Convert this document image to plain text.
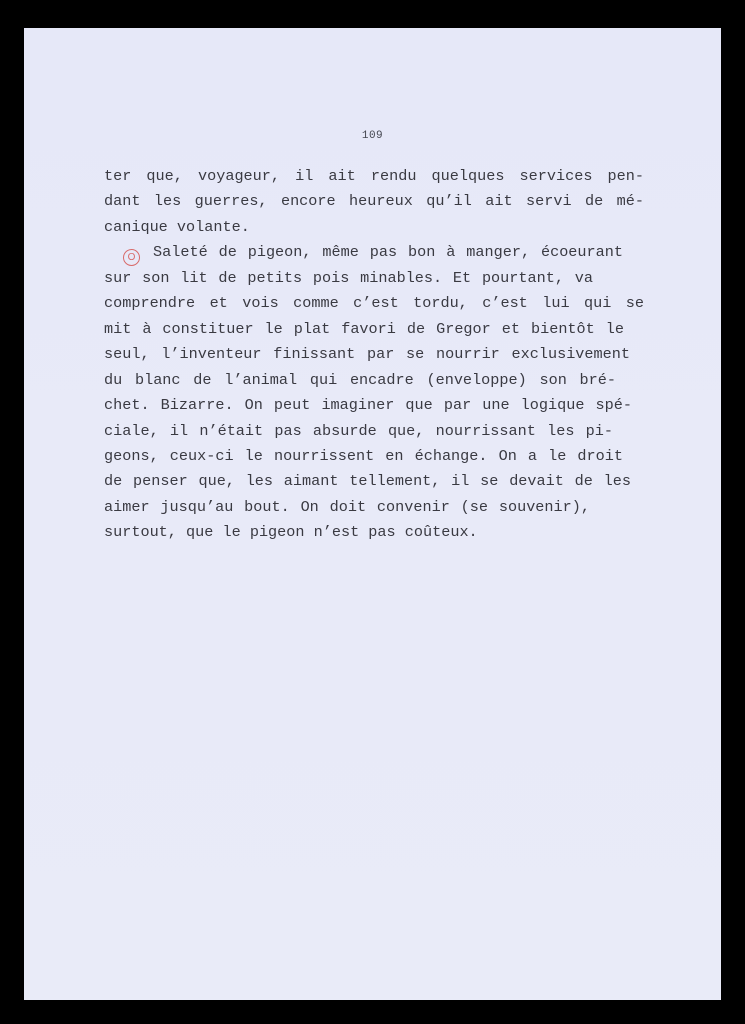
109
ter que, voyageur, il ait rendu quelques services pen-
dant les guerres, encore heureux qu’il ait servi de mé-
canique volante.
O Saleté de pigeon, même pas bon à manger, écoeurant
sur son lit de petits pois minables. Et pourtant, va
comprendre et vois comme c’est tordu, c’est lui qui se
mit à constituer le plat favori de Gregor et bientôt le
seul, l’inventeur finissant par se nourrir exclusivement
du blanc de l’animal qui encadre (enveloppe) son bré-
chet. Bizarre. On peut imaginer que par une logique spé-
ciale, il n’était pas absurde que, nourrissant les pi-
geons, ceux-ci le nourrissent en échange. On a le droit
de penser que, les aimant tellement, il se devait de les
aimer jusqu’au bout. On doit convenir (se souvenir),
surtout, que le pigeon n’est pas coûteux.
